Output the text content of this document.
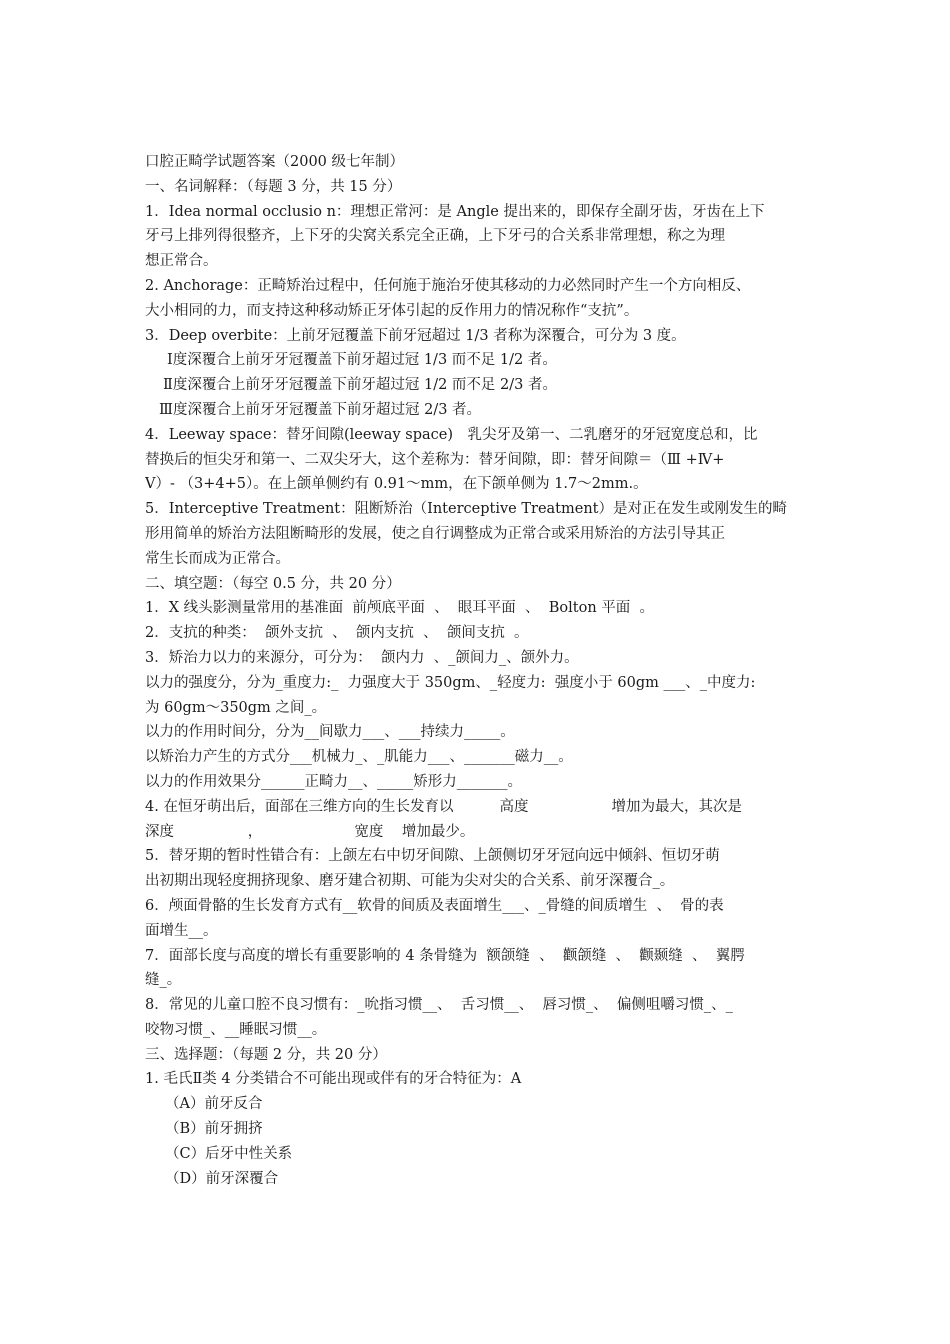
口腔正畸学试题答案（2000 级七年制）
一、名词解释：（每题 3 分，共 15 分）
1．Idea normal occlusio n：理想正常河：是 Angle 提出来的，即保存全副牙齿，牙齿在上下
牙弓上排列得很整齐，上下牙的尖窝关系完全正确，上下牙弓的合关系非常理想，称之为理
想正常合。
2. Anchorage：正畸矫治过程中，任何施于施治牙使其移动的力必然同时产生一个方向相反、
大小相同的力，而支持这种移动矫正牙体引起的反作用力的情况称作“支抗”。
3．Deep overbite：上前牙冠覆盖下前牙冠超过 1/3 者称为深覆合，可分为 3 度。
Ⅰ度深覆合上前牙牙冠覆盖下前牙超过冠 1/3 而不足 1/2 者。
Ⅱ度深覆合上前牙牙冠覆盖下前牙超过冠 1/2 而不足 2/3 者。
Ⅲ度深覆合上前牙牙冠覆盖下前牙超过冠 2/3 者。
4．Leeway space：替牙间隙(leeway space)　乳尖牙及第一、二乳磨牙的牙冠宽度总和，比
替换后的恒尖牙和第一、二双尖牙大，这个差称为：替牙间隙，即：替牙间隙＝（Ⅲ +Ⅳ+
Ⅴ）- （3+4+5）。在上颌单侧约有 0.91～mm，在下颌单侧为 1.7～2mm.。
5．Interceptive Treatment：阻断矫治（Interceptive Treatment）是对正在发生或刚发生的畸
形用简单的矫治方法阻断畸形的发展，使之自行调整成为正常合或采用矫治的方法引导其正
常生长而成为正常合。
二、填空题：（每空 0.5 分，共 20 分）
1．X 线头影测量常用的基准面  前颅底平面  、  眼耳平面  、  Bolton 平面  。
2．支抗的种类：  颌外支抗  、  颌内支抗  、  颌间支抗  。
3．矫治力以力的来源分，可分为：  颌内力  、_颌间力_、颌外力。
以力的强度分，分为_重度力:_  力强度大于 350gm、_轻度力:  强度小于 60gm ___、_中度力:
为 60gm～350gm 之间_。
以力的作用时间分，分为__间歇力___、___持续力_____。
以矫治力产生的方式分___机械力_、_肌能力___、_______磁力__。
以力的作用效果分______正畸力__、_____矫形力_______。
4. 在恒牙萌出后，面部在三维方向的生长发育以          高度                  增加为最大，其次是
深度                ，                    宽度    增加最少。
5．替牙期的暂时性错合有：上颌左右中切牙间隙、上颌侧切牙牙冠向远中倾斜、恒切牙萌
出初期出现轻度拥挤现象、磨牙建合初期、可能为尖对尖的合关系、前牙深覆合_。
6．颅面骨骼的生长发育方式有__软骨的间质及表面增生___、_骨缝的间质增生  、  骨的表
面增生__。
7．面部长度与高度的增长有重要影响的 4 条骨缝为  额颌缝  、  颧颌缝  、  颧颞缝  、  翼腭
缝_。
8．常见的儿童口腔不良习惯有：_吮指习惯__、  舌习惯__、  唇习惯_、  偏侧咀嚼习惯_、_
咬物习惯_、__睡眠习惯__。
三、选择题：（每题 2 分，共 20 分）
1. 毛氏Ⅱ类 4 分类错合不可能出现或伴有的牙合特征为：A
（A）前牙反合
（B）前牙拥挤
（C）后牙中性关系
（D）前牙深覆合
